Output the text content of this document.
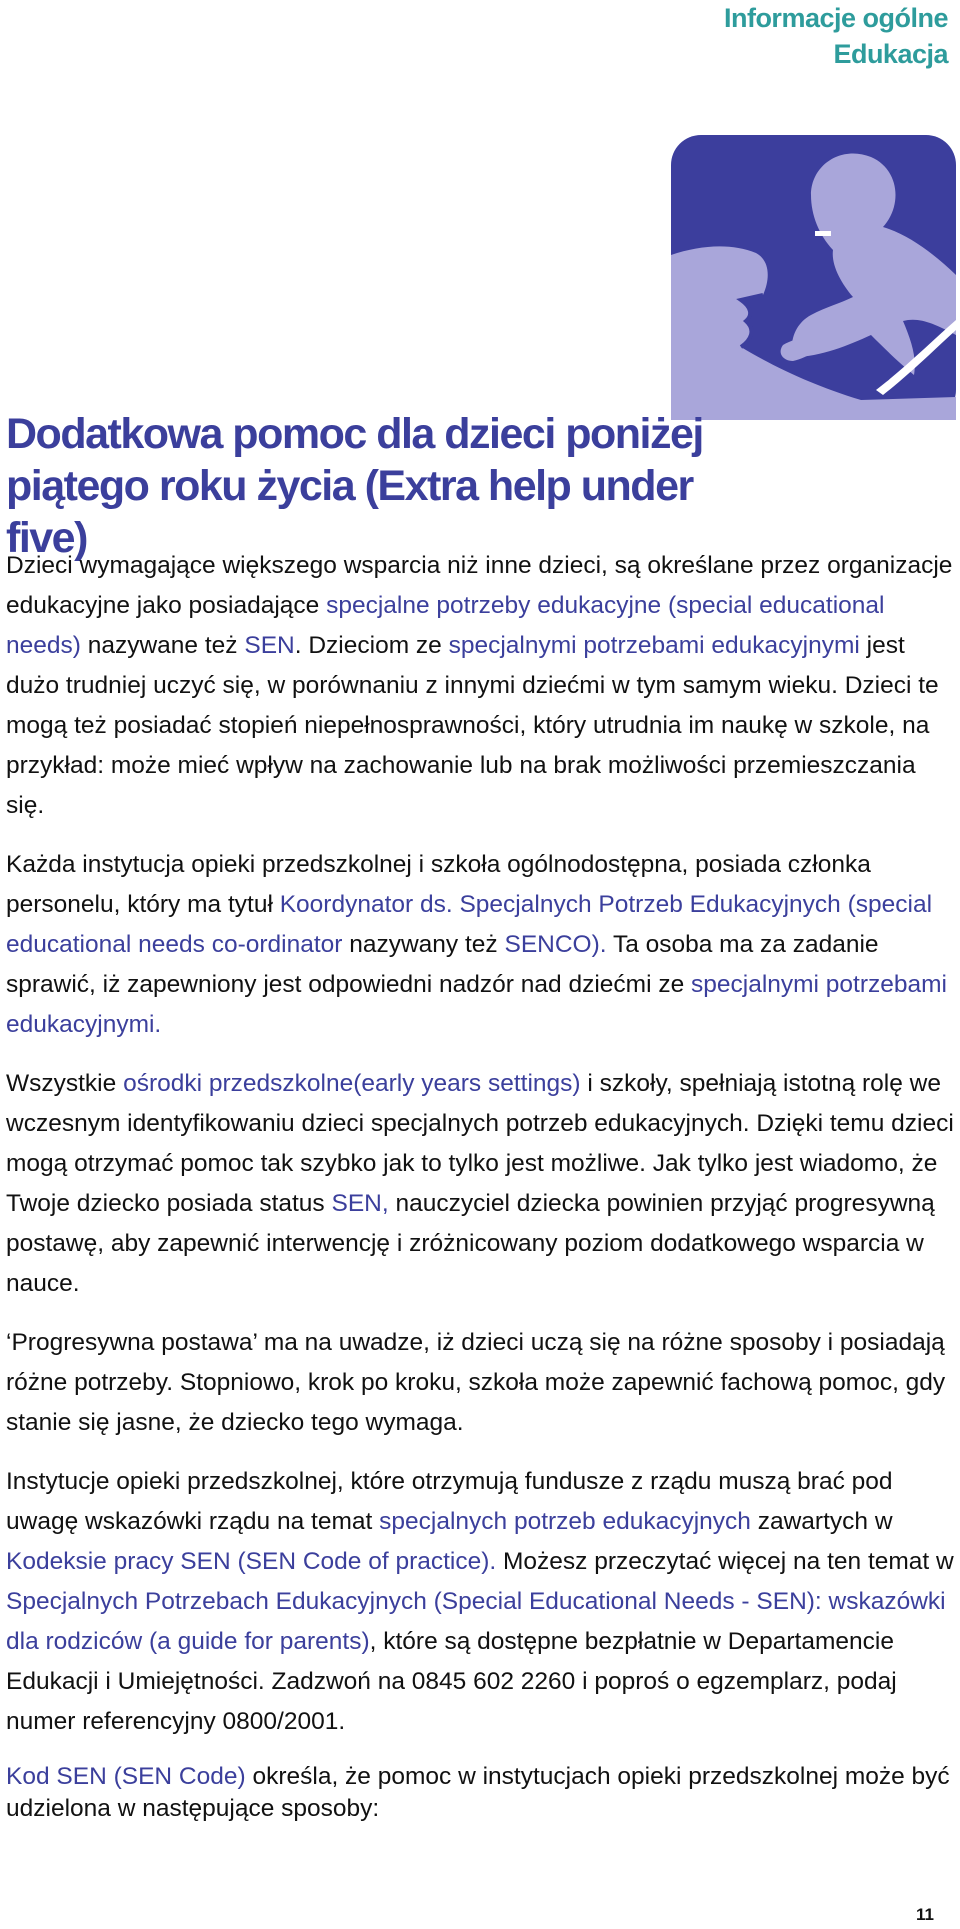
Informacje ogólne
Edukacja
Dodatkowa pomoc dla dzieci poniżej
piątego roku życia (Extra help under five)

Dzieci wymagające większego wsparcia niż inne dzieci, są określane przez organizacje edukacyjne jako posiadające specjalne potrzeby edukacyjne (special educational needs) nazywane też SEN. Dzieciom ze specjalnymi potrzebami edukacyjnymi jest dużo trudniej uczyć się, w porównaniu z innymi dziećmi w tym samym wieku. Dzieci te mogą też posiadać stopień niepełnosprawności, który utrudnia im naukę w szkole, na przykład: może mieć wpływ na zachowanie lub na brak możliwości przemieszczania się.

Każda instytucja opieki przedszkolnej i szkoła ogólnodostępna, posiada członka personelu, który ma tytuł Koordynator ds. Specjalnych Potrzeb Edukacyjnych (special educational needs co-ordinator nazywany też SENCO). Ta osoba ma za zadanie sprawić, iż zapewniony jest odpowiedni nadzór nad dziećmi ze specjalnymi potrzebami edukacyjnymi.

Wszystkie ośrodki przedszkolne(early years settings) i szkoły, spełniają istotną rolę we wczesnym identyfikowaniu dzieci specjalnych potrzeb edukacyjnych. Dzięki temu dzieci mogą otrzymać pomoc tak szybko jak to tylko jest możliwe. Jak tylko jest wiadomo, że Twoje dziecko posiada status SEN, nauczyciel dziecka powinien przyjąć progresywną postawę, aby zapewnić interwencję i zróżnicowany poziom dodatkowego wsparcia w nauce.

‘Progresywna postawa’ ma na uwadze, iż dzieci uczą się na różne sposoby i posiadają różne potrzeby. Stopniowo, krok po kroku, szkoła może zapewnić fachową pomoc, gdy stanie się jasne, że dziecko tego wymaga.

Instytucje opieki przedszkolnej, które otrzymują fundusze z rządu muszą brać pod uwagę wskazówki rządu na temat specjalnych potrzeb edukacyjnych zawartych w Kodeksie pracy SEN (SEN Code of practice). Możesz przeczytać więcej na ten temat w Specjalnych Potrzebach Edukacyjnych (Special Educational Needs - SEN): wskazówki dla rodziców (a guide for parents), które są dostępne bezpłatnie w Departamencie Edukacji i Umiejętności. Zadzwoń na 0845 602 2260 i poproś o egzemplarz, podaj numer referencyjny 0800/2001.

Kod SEN (SEN Code) określa, że pomoc w instytucjach opieki przedszkolnej może być udzielona w następujące sposoby:

11
